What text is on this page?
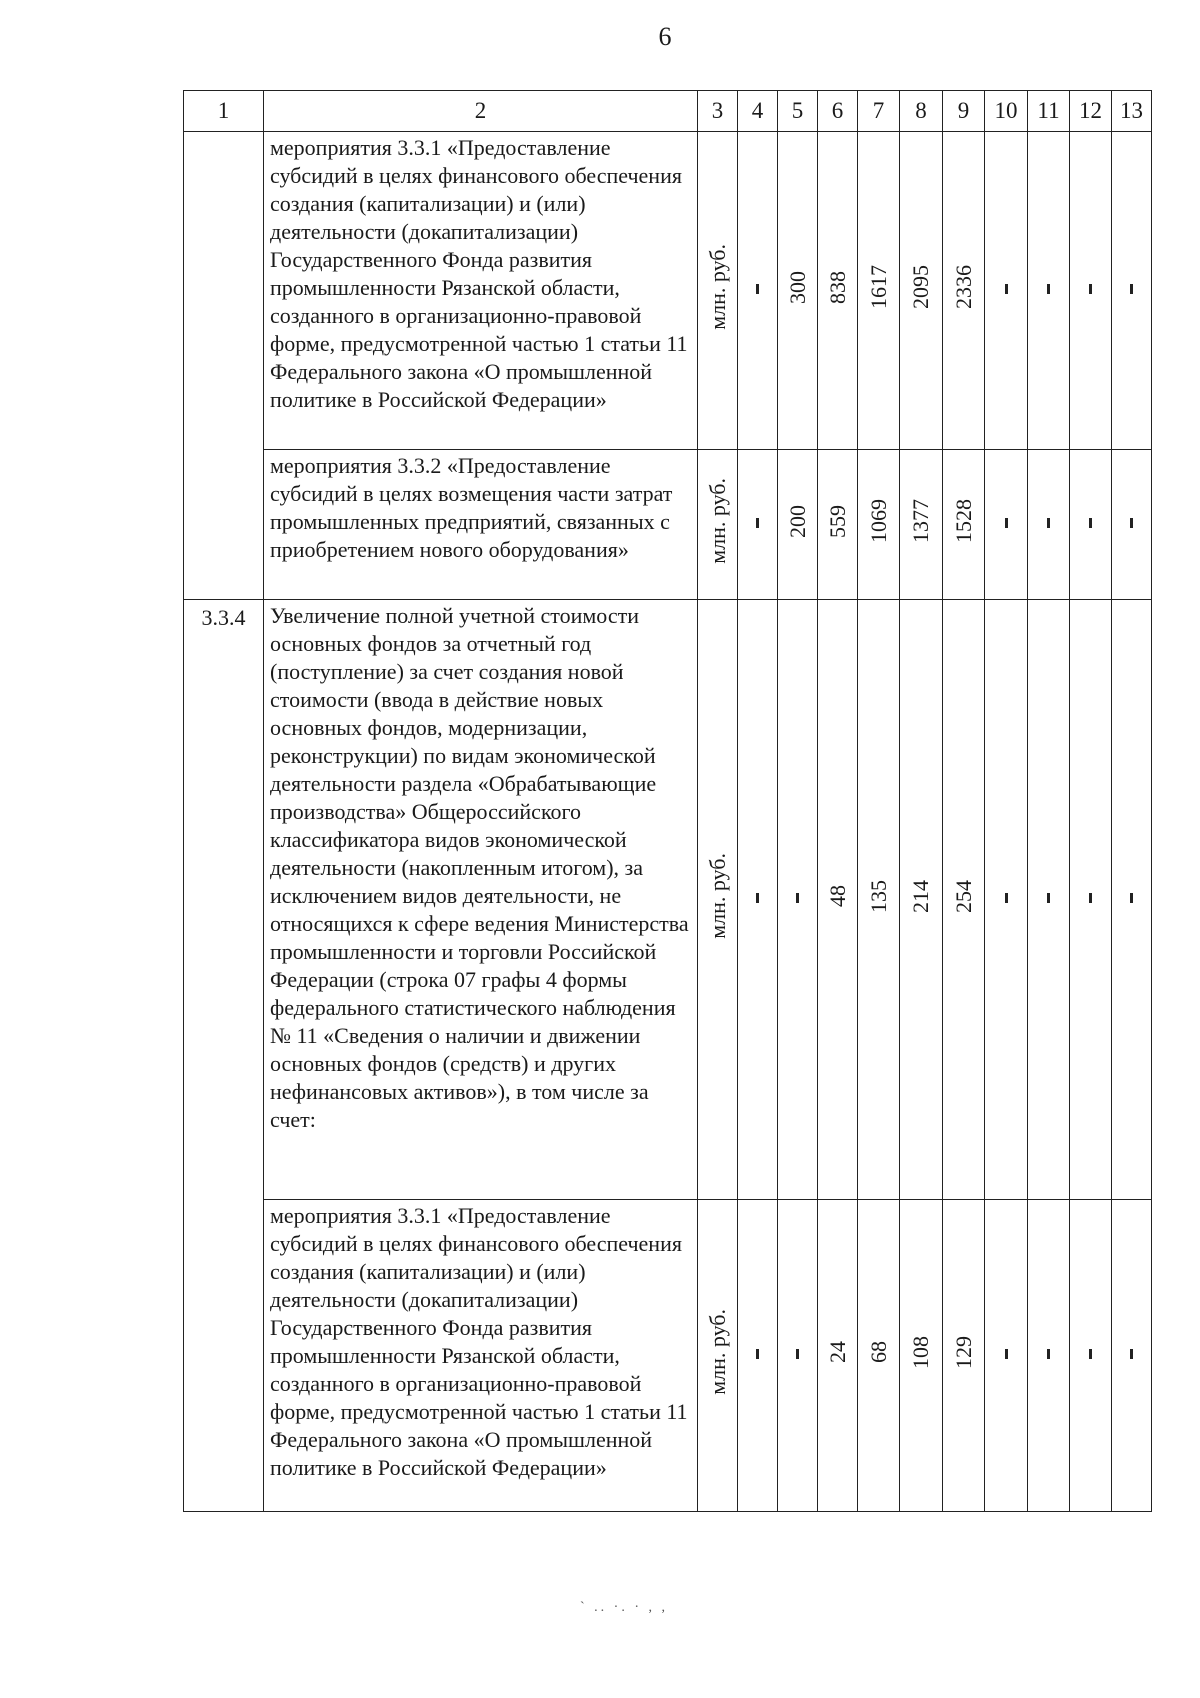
6
1	2	3	4	5	6	7	8	9	10	11	12	13
	мероприятия 3.3.1 «Предоставление субсидий в целях финансового обеспечения создания (капитализации) и (или) деятельности (докапитализации) Государственного Фонда развития промышленности Рязанской области, созданного в организационно-правовой форме, предусмотренной частью 1 статьи 11 Федерального закона «О промышленной политике в Российской Федерации»	млн. руб.		300	838	1617	2095	2336				
	мероприятия 3.3.2 «Предоставление субсидий в целях возмещения части затрат промышленных предприятий, связанных с приобретением нового оборудования»	млн. руб.		200	559	1069	1377	1528				
3.3.4	Увеличение полной учетной стоимости основных фондов за отчетный год (поступление) за счет создания новой стоимости (ввода в действие новых основных фондов, модернизации, реконструкции) по видам экономической деятельности раздела «Обрабатывающие производства» Общероссийского классификатора видов экономической деятельности (накопленным итогом), за исключением видов деятельности, не относящихся к сфере ведения Министерства промышленности и торговли Российской Федерации (строка 07 графы 4 формы федерального статистического наблюдения № 11 «Сведения о наличии и движении основных фондов (средств) и других нефинансовых активов»), в том числе за счет:	млн. руб.			48	135	214	254				
	мероприятия 3.3.1 «Предоставление субсидий в целях финансового обеспечения создания (капитализации) и (или) деятельности (докапитализации) Государственного Фонда развития промышленности Рязанской области, созданного в организационно-правовой форме, предусмотренной частью 1 статьи 11 Федерального закона «О промышленной политике в Российской Федерации»	млн. руб.			24	68	108	129				
` .. ·. · , ,
